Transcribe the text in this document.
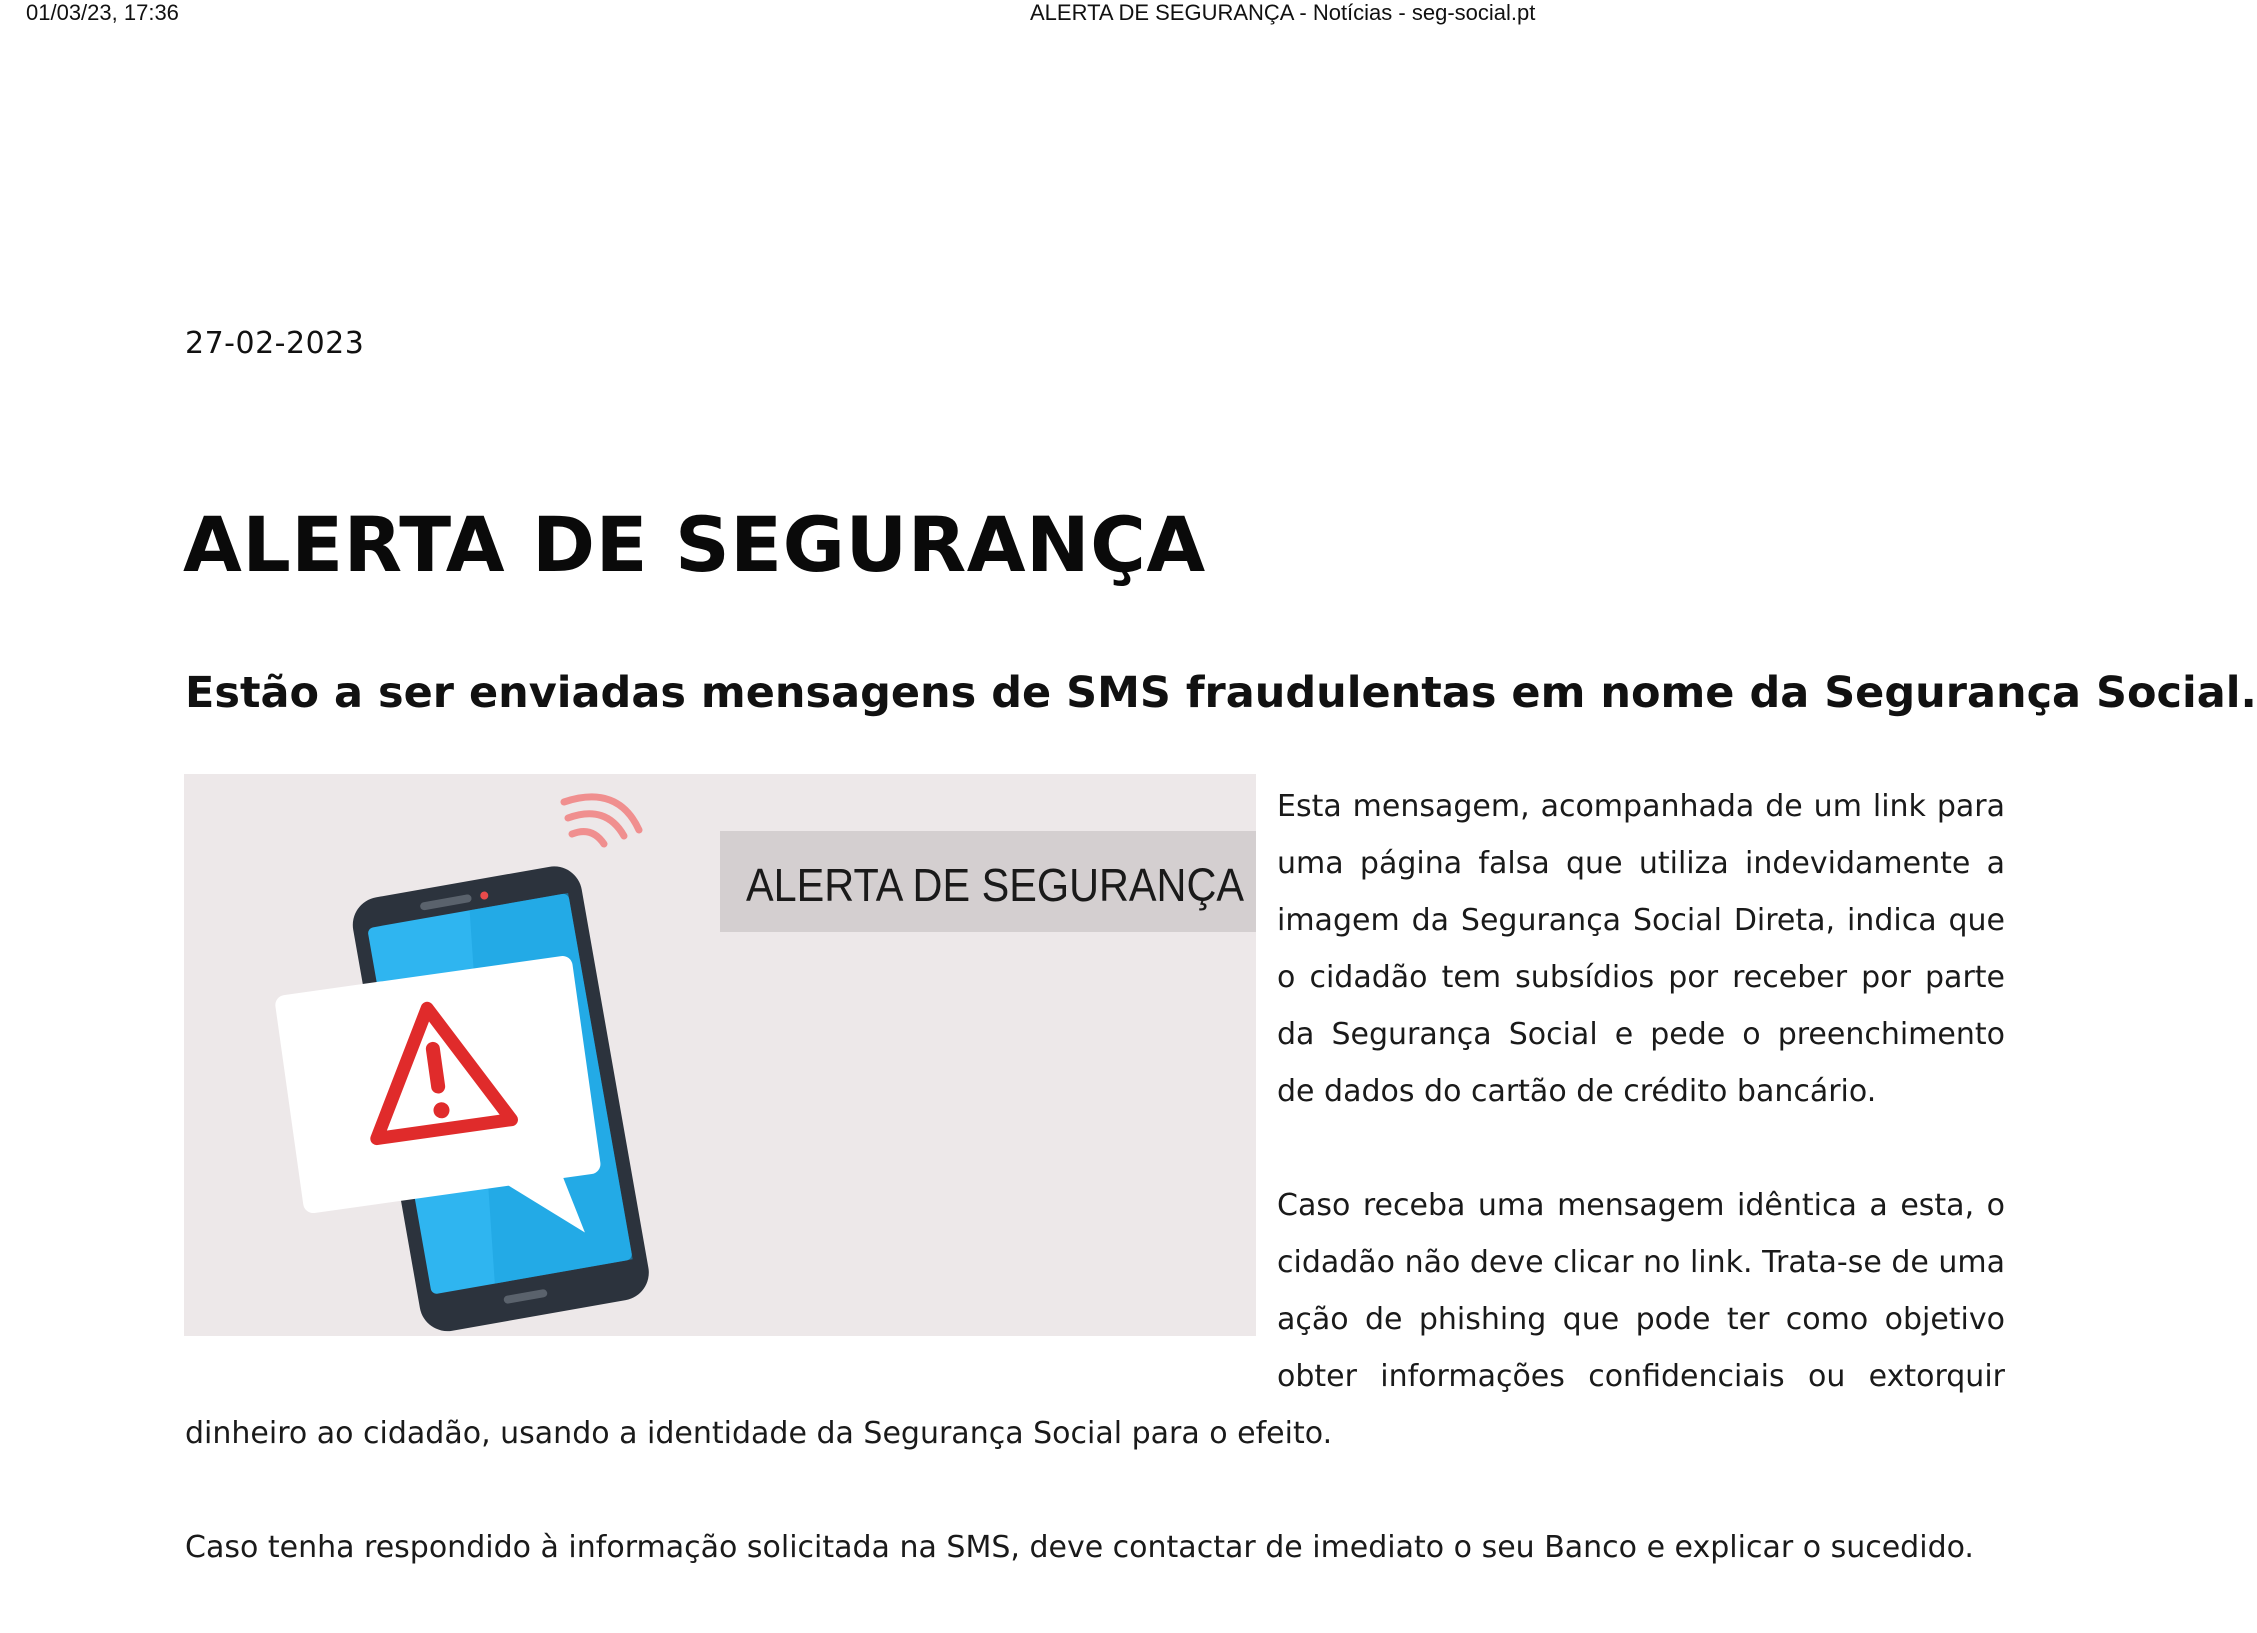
01/03/23, 17:36	ALERTA DE SEGURANÇA - Notícias - seg-social.pt
27-02-2023
ALERTA DE SEGURANÇA
Estão a ser enviadas mensagens de SMS fraudulentas em nome da Segurança Social.
ALERTA DE SEGURANÇA

Esta mensagem, acompanhada de um link para uma página falsa que utiliza indevidamente a imagem da Segurança Social Direta, indica que o cidadão tem subsídios por receber por parte da Segurança Social e pede o preenchimento de dados do cartão de crédito bancário.

Caso receba uma mensagem idêntica a esta, o cidadão não deve clicar no link. Trata-se de uma ação de phishing que pode ter como objetivo obter informações confidenciais ou extorquir dinheiro ao cidadão, usando a identidade da Segurança Social para o efeito.

Caso tenha respondido à informação solicitada na SMS, deve contactar de imediato o seu Banco e explicar o sucedido.
